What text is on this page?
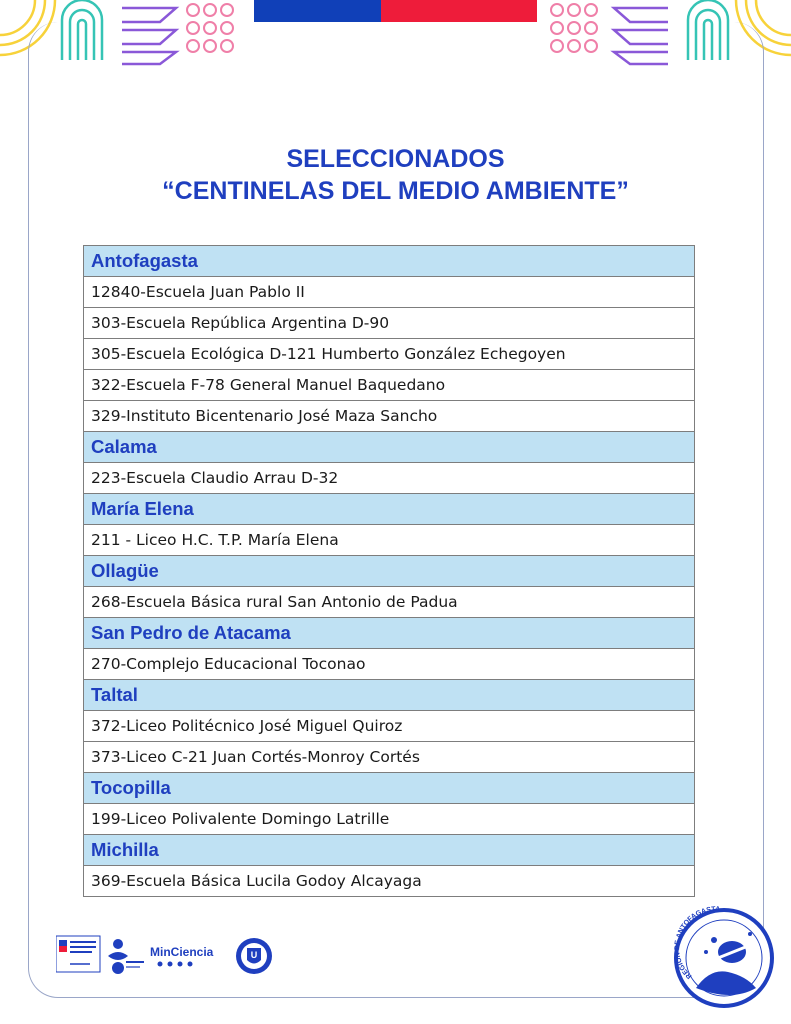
SELECCIONADOS
“CENTINELAS DEL MEDIO AMBIENTE”
Antofagasta
12840-Escuela Juan Pablo II
303-Escuela República Argentina D-90
305-Escuela Ecológica D-121 Humberto González Echegoyen
322-Escuela F-78 General Manuel Baquedano
329-Instituto Bicentenario José Maza Sancho
Calama
223-Escuela Claudio Arrau D-32
María Elena
211 - Liceo H.C. T.P. María Elena
Ollagüe
268-Escuela Básica rural San Antonio de Padua
San Pedro de Atacama
270-Complejo Educacional Toconao
Taltal
372-Liceo Politécnico José Miguel Quiroz
373-Liceo C-21 Juan Cortés-Monroy Cortés
Tocopilla
199-Liceo Polivalente Domingo Latrille
Michilla
369-Escuela Básica Lucila Godoy Alcayaga
MinCiencia	U
REGIÓN DE ANTOFAGASTA
